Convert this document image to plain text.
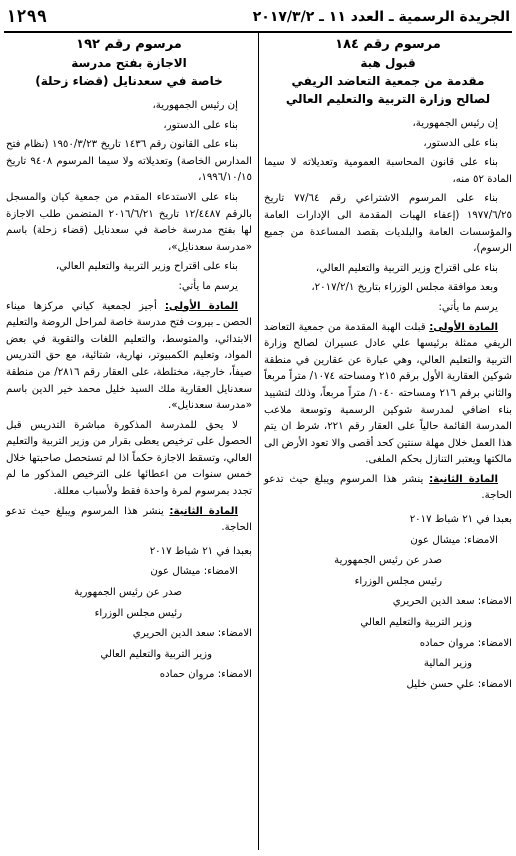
١٢٩٩	الجريدة الرسمية ـ العدد ١١ ـ ٢٠١٧/٣/٢
مرسوم رقم ١٨٤
قبول هبة
مقدمة من جمعية التعاضد الريفي
لصالح وزارة التربية والتعليم العالي

إن رئيس الجمهورية،

بناء على الدستور،

بناء على قانون المحاسبة العمومية وتعديلاته لا سيما المادة ٥٢ منه،

بناء على المرسوم الاشتراعي رقم ٧٧/٦٤ تاريخ ١٩٧٧/٦/٢٥ (إعفاء الهبات المقدمة الى الإدارات العامة والمؤسسات العامة والبلديات بقصد المساعدة من جميع الرسوم)،

بناء على اقتراح وزير التربية والتعليم العالي،

وبعد موافقة مجلس الوزراء بتاريخ ٢٠١٧/٢/١،

يرسم ما يأتي:

المادة الأولى: قبلت الهبة المقدمة من جمعية التعاضد الريفي ممثلة برئيسها علي عادل عسيران لصالح وزارة التربية والتعليم العالي، وهي عبارة عن عقارين في منطقة شوكين العقارية الأول برقم ٢١٥ ومساحته ١٠٧٤/ متراً مربعاً والثاني برقم ٢١٦ ومساحته ١٠٤٠/ متراً مربعاً، وذلك لتشييد بناء اضافي لمدرسة شوكين الرسمية وتوسعة ملاعب المدرسة القائمة حالياً على العقار رقم ٢٢١، شرط ان يتم هذا العمل خلال مهلة سنتين كحد أقصى والا تعود الأرض الى مالكتها ويعتبر التنازل بحكم الملغى.

المادة الثانية: ينشر هذا المرسوم ويبلغ حيث تدعو الحاجة.

بعبدا في ٢١ شباط ٢٠١٧

الامضاء: ميشال عون

صدر عن رئيس الجمهورية

رئيس مجلس الوزراء

الامضاء: سعد الدين الحريري

وزير التربية والتعليم العالي

الامضاء: مروان حماده

وزير المالية

الامضاء: علي حسن خليل

مرسوم رقم ١٩٢
الاجازة بفتح مدرسة
خاصة في سعدنايل (قضاء زحلة)

إن رئيس الجمهورية،

بناء على الدستور،

بناء على القانون رقم ١٤٣٦ تاريخ ١٩٥٠/٣/٢٣ (نظام فتح المدارس الخاصة) وتعديلاته ولا سيما المرسوم ٩٤٠٨ تاريخ ١٩٩٦/١٠/١٥،

بناء على الاستدعاء المقدم من جمعية كيان والمسجل بالرقم ١٢/٤٤٨٧ تاريخ ٢٠١٦/٦/٢١ المتضمن طلب الاجازة لها بفتح مدرسة خاصة في سعدنايل (قضاء زحلة) باسم «مدرسة سعدنايل»،

بناء على اقتراح وزير التربية والتعليم العالي،

يرسم ما يأتي:

المادة الأولى: أجيز لجمعية كياني مركزها ميناء الحصن ـ بيروت فتح مدرسة خاصة لمراحل الروضة والتعليم الابتدائي، والمتوسط، والتعليم اللغات والتقوية في بعض المواد، وتعليم الكمبيوتر، نهارية، شتائية، مع حق التدريس صيفاً، خارجية، مختلطة، على العقار رقم ٢٨١٦/ من منطقة سعدنايل العقارية ملك السيد خليل محمد خير الدين باسم «مدرسة سعدنايل».

لا يحق للمدرسة المذكورة مباشرة التدريس قبل الحصول على ترخيص يعطى بقرار من وزير التربية والتعليم العالي، وتسقط الاجازة حكماً اذا لم تستحصل صاحبتها خلال خمس سنوات من اعطائها على الترخيص المذكور ما لم تجدد بمرسوم لمرة واحدة فقط ولأسباب معللة.

المادة الثانية: ينشر هذا المرسوم ويبلغ حيث تدعو الحاجة.

بعبدا في ٢١ شباط ٢٠١٧

الامضاء: ميشال عون

صدر عن رئيس الجمهورية

رئيس مجلس الوزراء

الامضاء: سعد الدين الحريري

وزير التربية والتعليم العالي

الامضاء: مروان حماده
